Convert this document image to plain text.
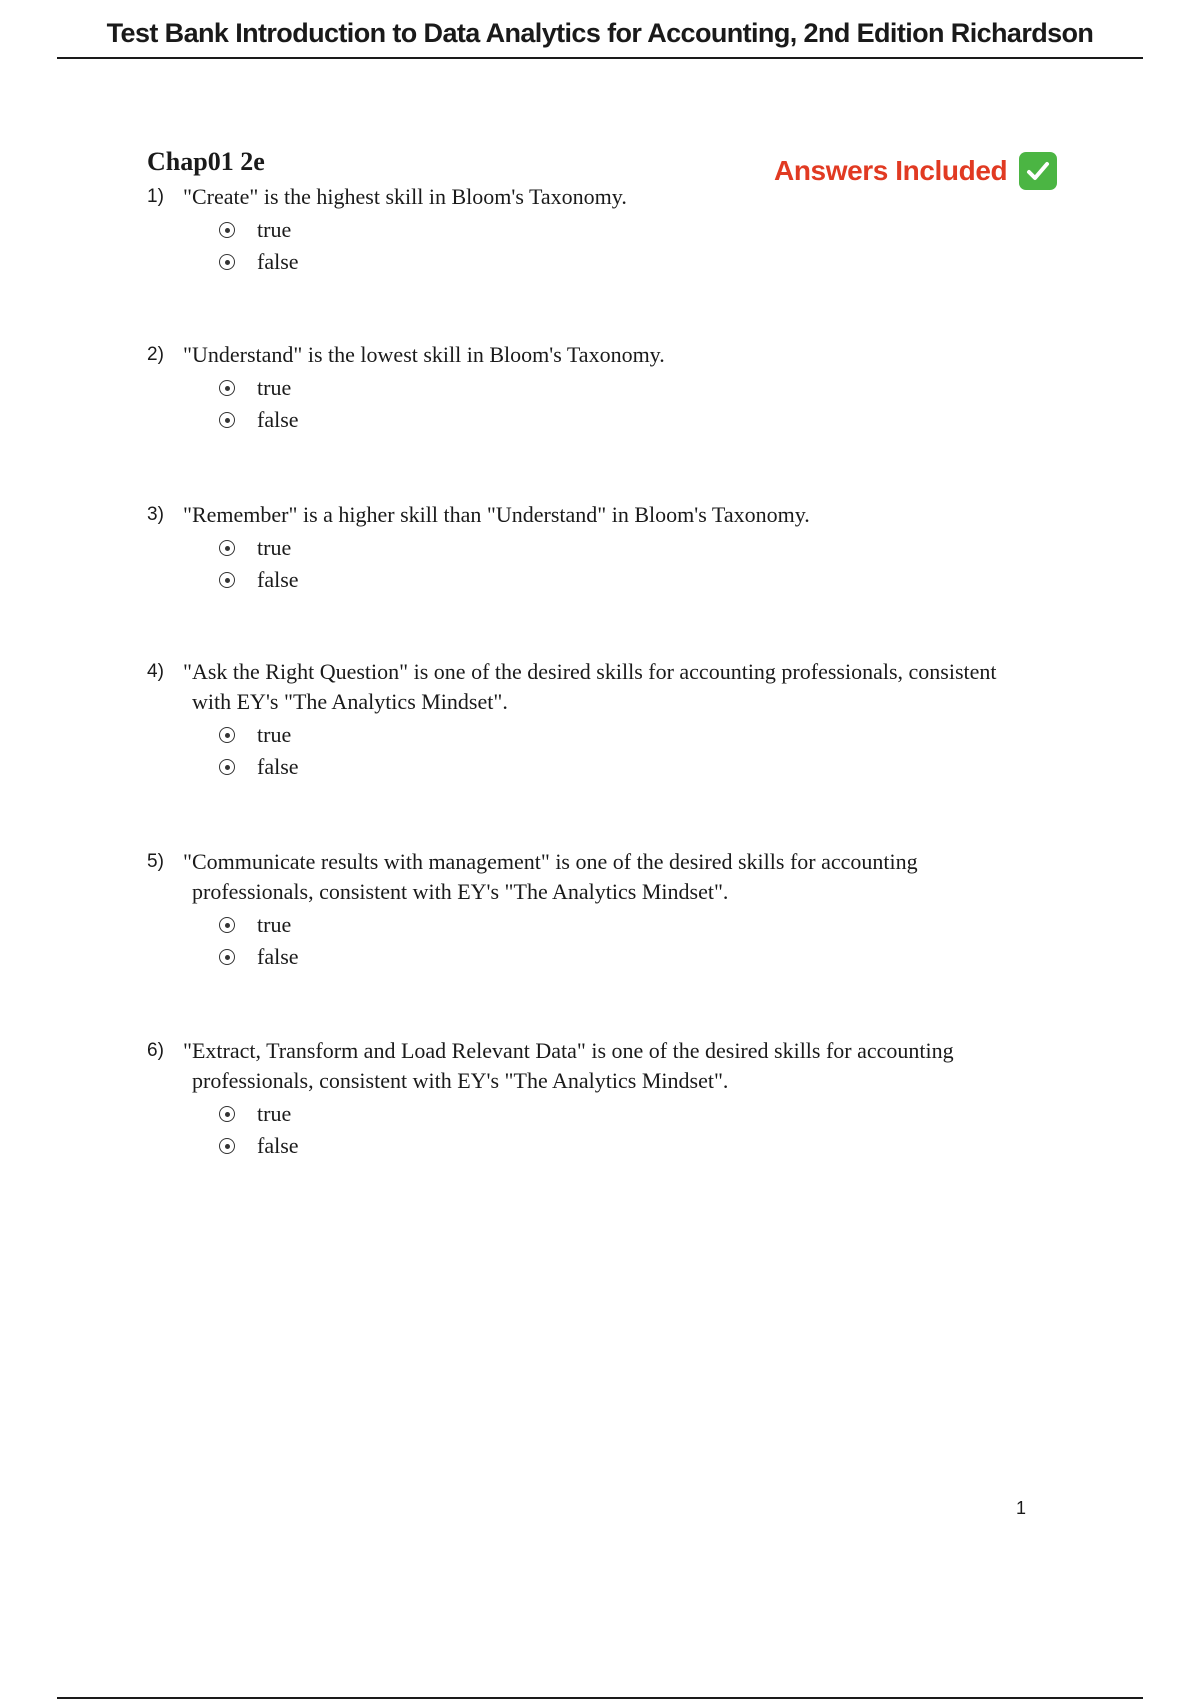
Test Bank Introduction to Data Analytics for Accounting, 2nd Edition Richardson
Chap01 2e	Answers Included
1) "Create" is the highest skill in Bloom's Taxonomy.
true
false
2) "Understand" is the lowest skill in Bloom's Taxonomy.
true
false
3) "Remember" is a higher skill than "Understand" in Bloom's Taxonomy.
true
false
4) "Ask the Right Question" is one of the desired skills for accounting professionals, consistent
with EY's "The Analytics Mindset".
true
false
5) "Communicate results with management" is one of the desired skills for accounting
professionals, consistent with EY's "The Analytics Mindset".
true
false
6) "Extract, Transform and Load Relevant Data" is one of the desired skills for accounting
professionals, consistent with EY's "The Analytics Mindset".
true
false
1
